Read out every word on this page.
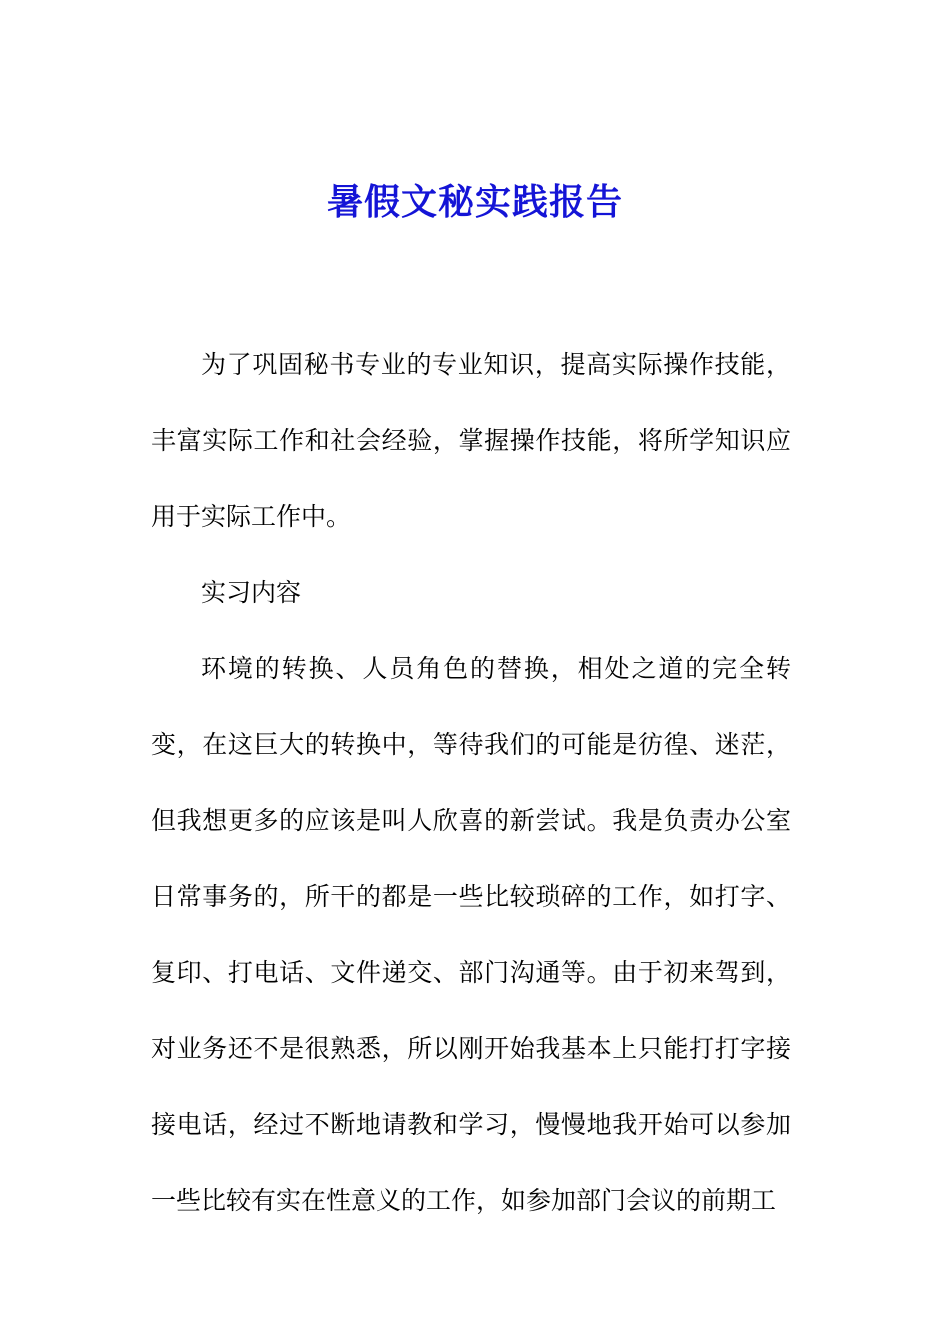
暑假文秘实践报告

为了巩固秘书专业的专业知识，提高实际操作技能，丰富实际工作和社会经验，掌握操作技能，将所学知识应用于实际工作中。

实习内容

环境的转换、人员角色的替换，相处之道的完全转变，在这巨大的转换中，等待我们的可能是彷徨、迷茫，但我想更多的应该是叫人欣喜的新尝试。我是负责办公室日常事务的，所干的都是一些比较琐碎的工作，如打字、复印、打电话、文件递交、部门沟通等。由于初来驾到，对业务还不是很熟悉，所以刚开始我基本上只能打打字接接电话，经过不断地请教和学习，慢慢地我开始可以参加一些比较有实在性意义的工作，如参加部门会议的前期工
